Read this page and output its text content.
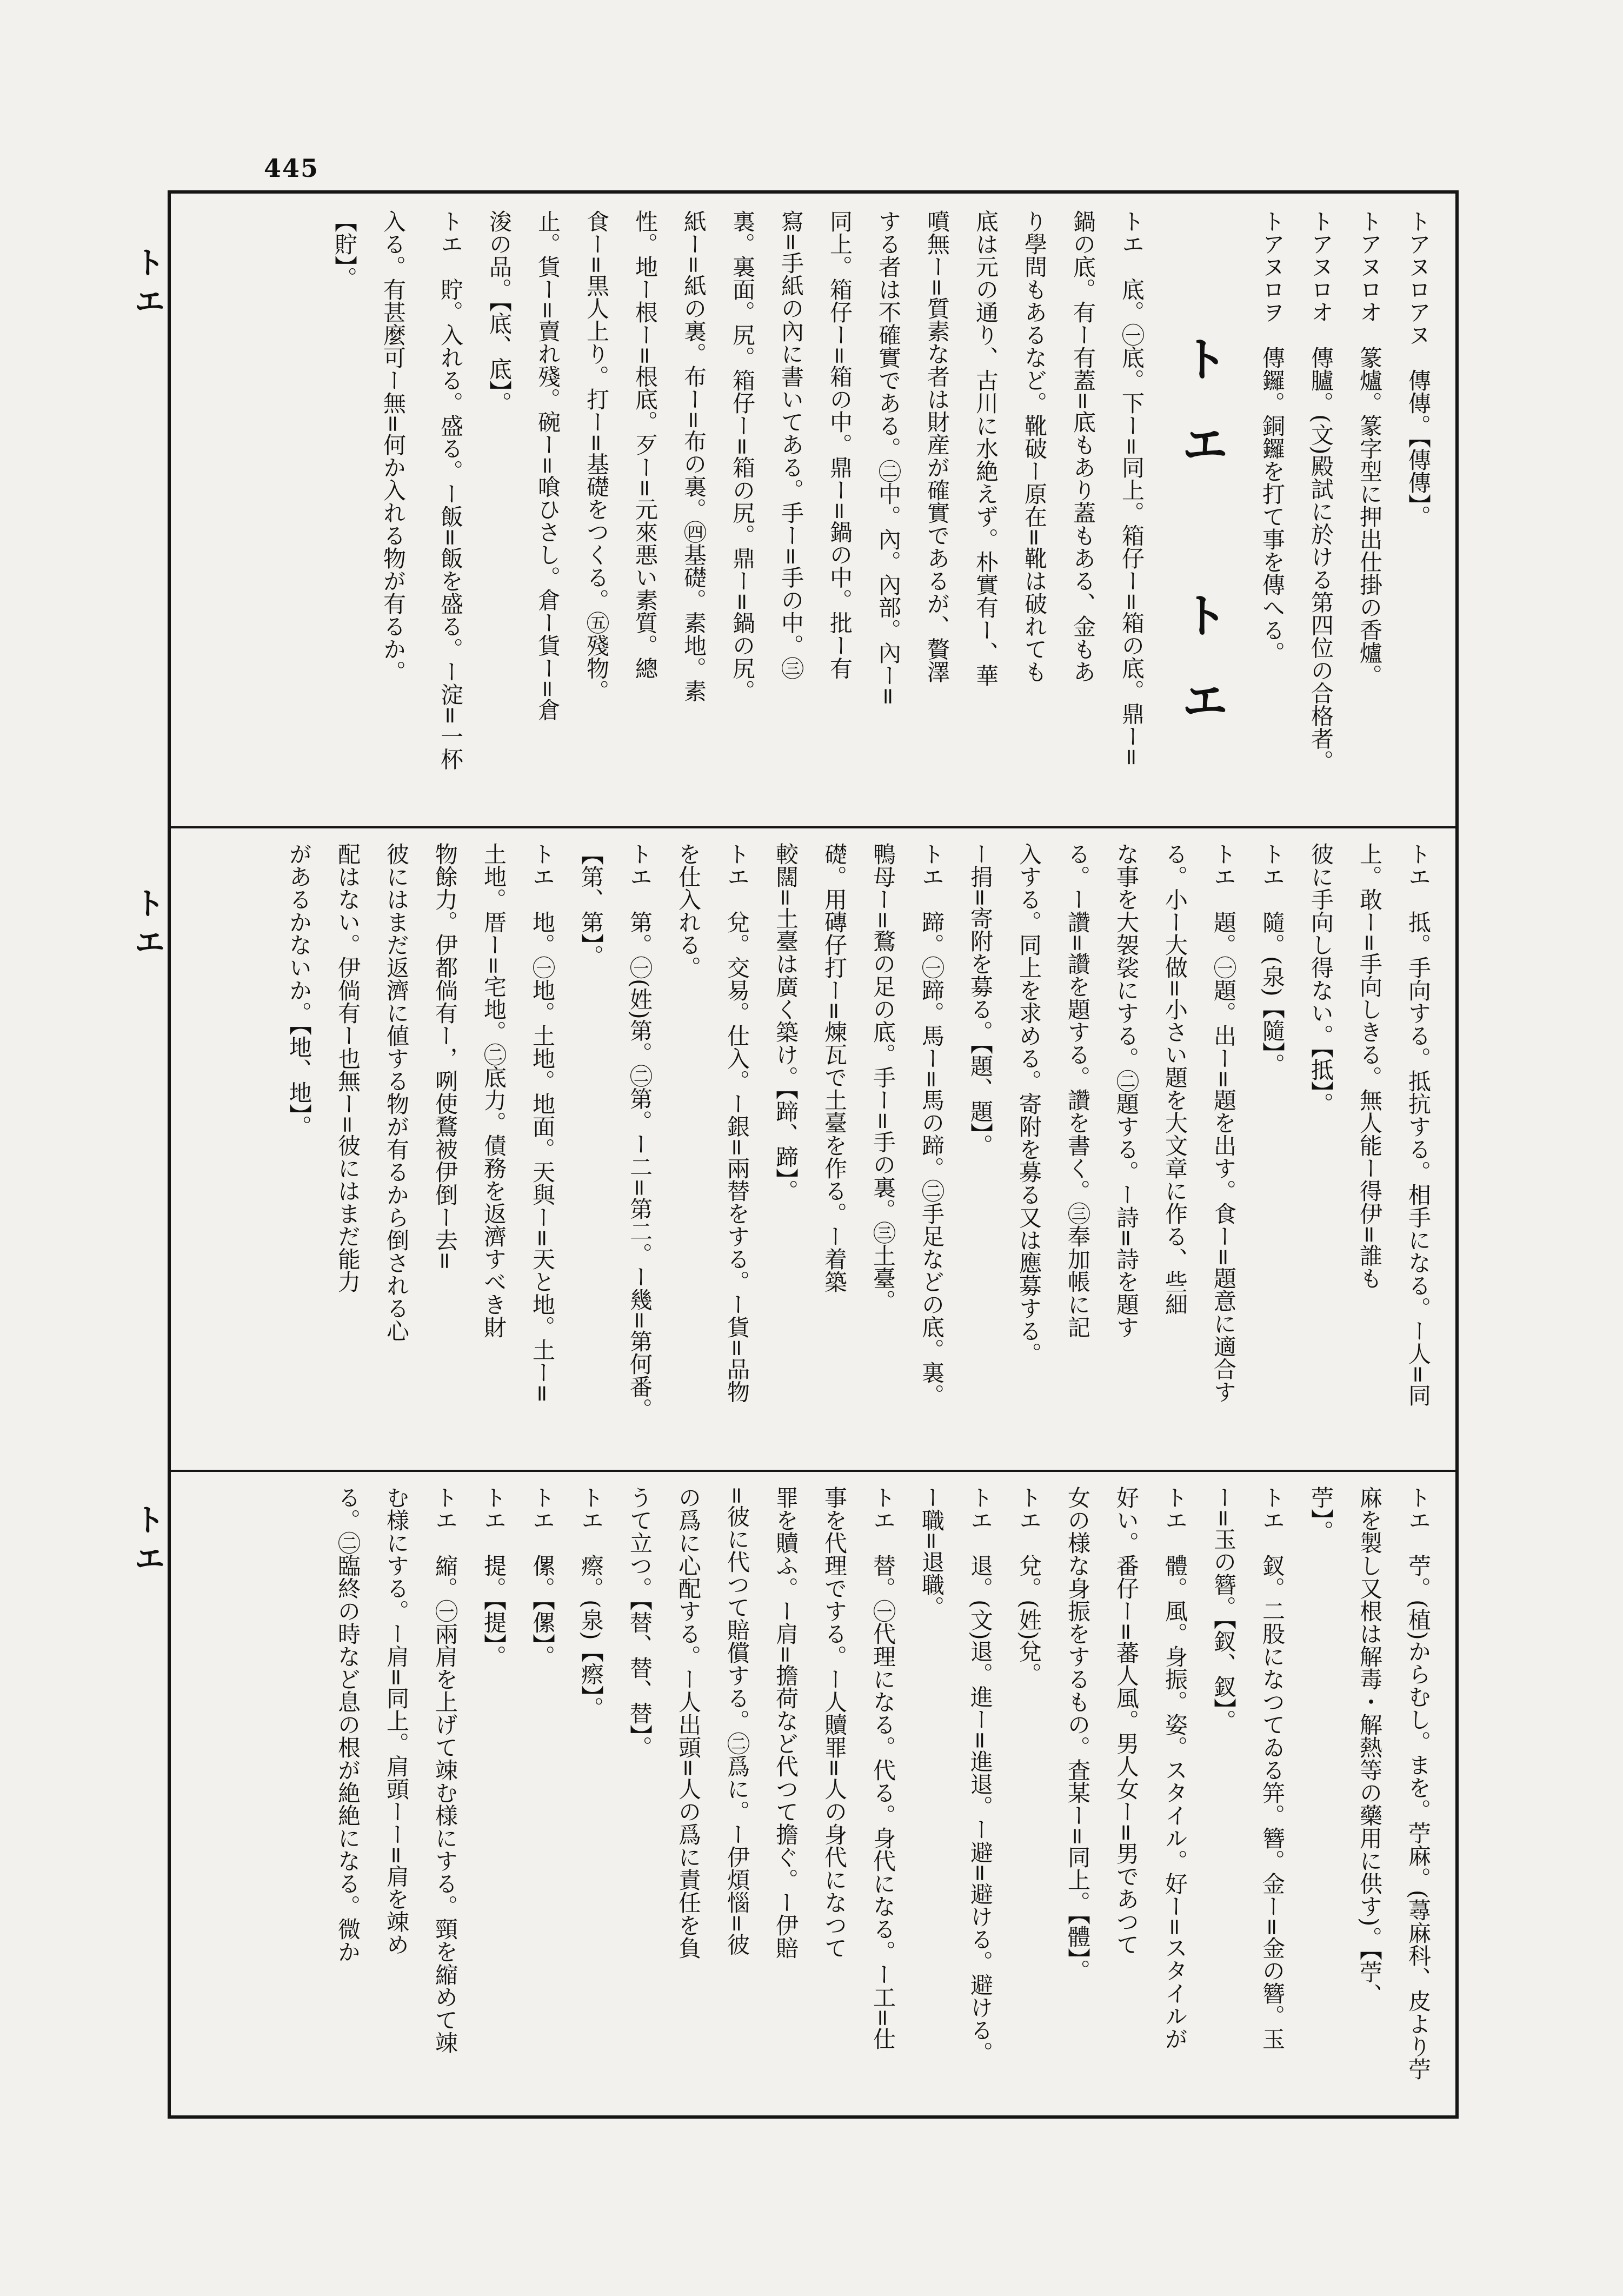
445
トエ
トエ
トエ
トアヌロアヌ　傳傳。【傳傳】。
トアヌロオ　篆爐。篆字型に押出仕掛の香爐。
トアヌロオ　傳臚。(文)殿試に於ける第四位の合格者。
トアヌロヲ　傳鑼。銅鑼を打て事を傳へる。
トエ　トエ
トエ　底。㊀底。下ー=同上。箱仔ー=箱の底。鼎ー=
鍋の底。有ー有蓋=底もあり蓋もある、金もあ
り學問もあるなど。靴破ー原在=靴は破れても
底は元の通り、古川に水絶えず。朴實有ー、華
噴無ー=質素な者は財産が確實であるが、贅澤
する者は不確實である。㊁中。內。內部。內ー=
同上。箱仔ー=箱の中。鼎ー=鍋の中。批ー有
寫=手紙の內に書いてある。手ー=手の中。㊂
裏。裏面。尻。箱仔ー=箱の尻。鼎ー=鍋の尻。
紙ー=紙の裏。布ー=布の裏。㊃基礎。素地。素
性。地ー根ー=根底。歹ー=元來悪い素質。總
食ー=黒人上り。打ー=基礎をつくる。㊄殘物。
止。貨ー=賣れ殘。碗ー=喰ひさし。倉ー貨ー=倉
浚の品。【底、底】。
トエ　貯。入れる。盛る。ー飯=飯を盛る。ー淀=一杯
入る。有甚麼可ー無=何か入れる物が有るか。
【貯】。
トエ　抵。手向する。抵抗する。相手になる。ー人=同
上。敢ー=手向しきる。無人能ー得伊=誰も
彼に手向し得ない。【抵】。
トエ　隨。(泉)【隨】。
トエ　題。㊀題。出ー=題を出す。食ー=題意に適合す
る。小ー大做=小さい題を大文章に作る、些細
な事を大袈裟にする。㊁題する。ー詩=詩を題す
る。ー讚=讚を題する。讚を書く。㊂奉加帳に記
入する。同上を求める。寄附を募る又は應募する。
ー捐=寄附を募る。【題、題】。
トエ　蹄。㊀蹄。馬ー=馬の蹄。㊁手足などの底。裏。
鴨母ー=鶩の足の底。手ー=手の裏。㊂土臺。
礎。用磚仔打ー=煉瓦で土臺を作る。ー着築
較闊=土臺は廣く築け。【蹄、蹄】。
トエ　兌。交易。仕入。ー銀=兩替をする。ー貨=品物
を仕入れる。
トエ　第。㊀(姓)第。㊁第。ー二=第二。ー幾=第何番。
【第、第】。
トエ　地。㊀地。土地。地面。天與ー=天と地。土ー=
土地。厝ー=宅地。㊁底力。債務を返濟すべき財
物餘力。伊都倘有ー，咧使鶩被伊倒ー去=
彼にはまだ返濟に値する物が有るから倒される心
配はない。伊倘有ー也無ー=彼にはまだ能力
があるかないか。【地、地】。
トエ　苧。(植)からむし。まを。苧麻。(蕁麻科、皮より苧
麻を製し又根は解毒・解熱等の藥用に供す)。【苧、
苧】。
トエ　釵。二股になつてゐる笄。簪。金ー=金の簪。玉
ー=玉の簪。【釵、釵】。
トエ　體。風。身振。姿。スタイル。好ー=スタイルが
好い。番仔ー=蕃人風。男人女ー=男であつて
女の様な身振をするもの。査某ー=同上。【體】。
トエ　兌。(姓)兌。
トエ　退。(文)退。進ー=進退。ー避=避ける。避ける。
ー職=退職。
トエ　替。㊀代理になる。代る。身代になる。ー工=仕
事を代理でする。ー人贖罪=人の身代になつて
罪を贖ふ。ー肩=擔荷など代つて擔ぐ。ー伊賠
=彼に代つて賠償する。㊁爲に。ー伊煩惱=彼
の爲に心配する。ー人出頭=人の爲に責任を負
うて立つ。【替、替、替】。
トエ　瘵。(泉)【瘵】。
トエ　傫。【傫】。
トエ　提。【提】。
トエ　縮。㊀兩肩を上げて竦む様にする。頸を縮めて竦
む様にする。ー肩=同上。肩頭ーー=肩を竦め
る。㊁臨終の時など息の根が絶絶になる。微か
